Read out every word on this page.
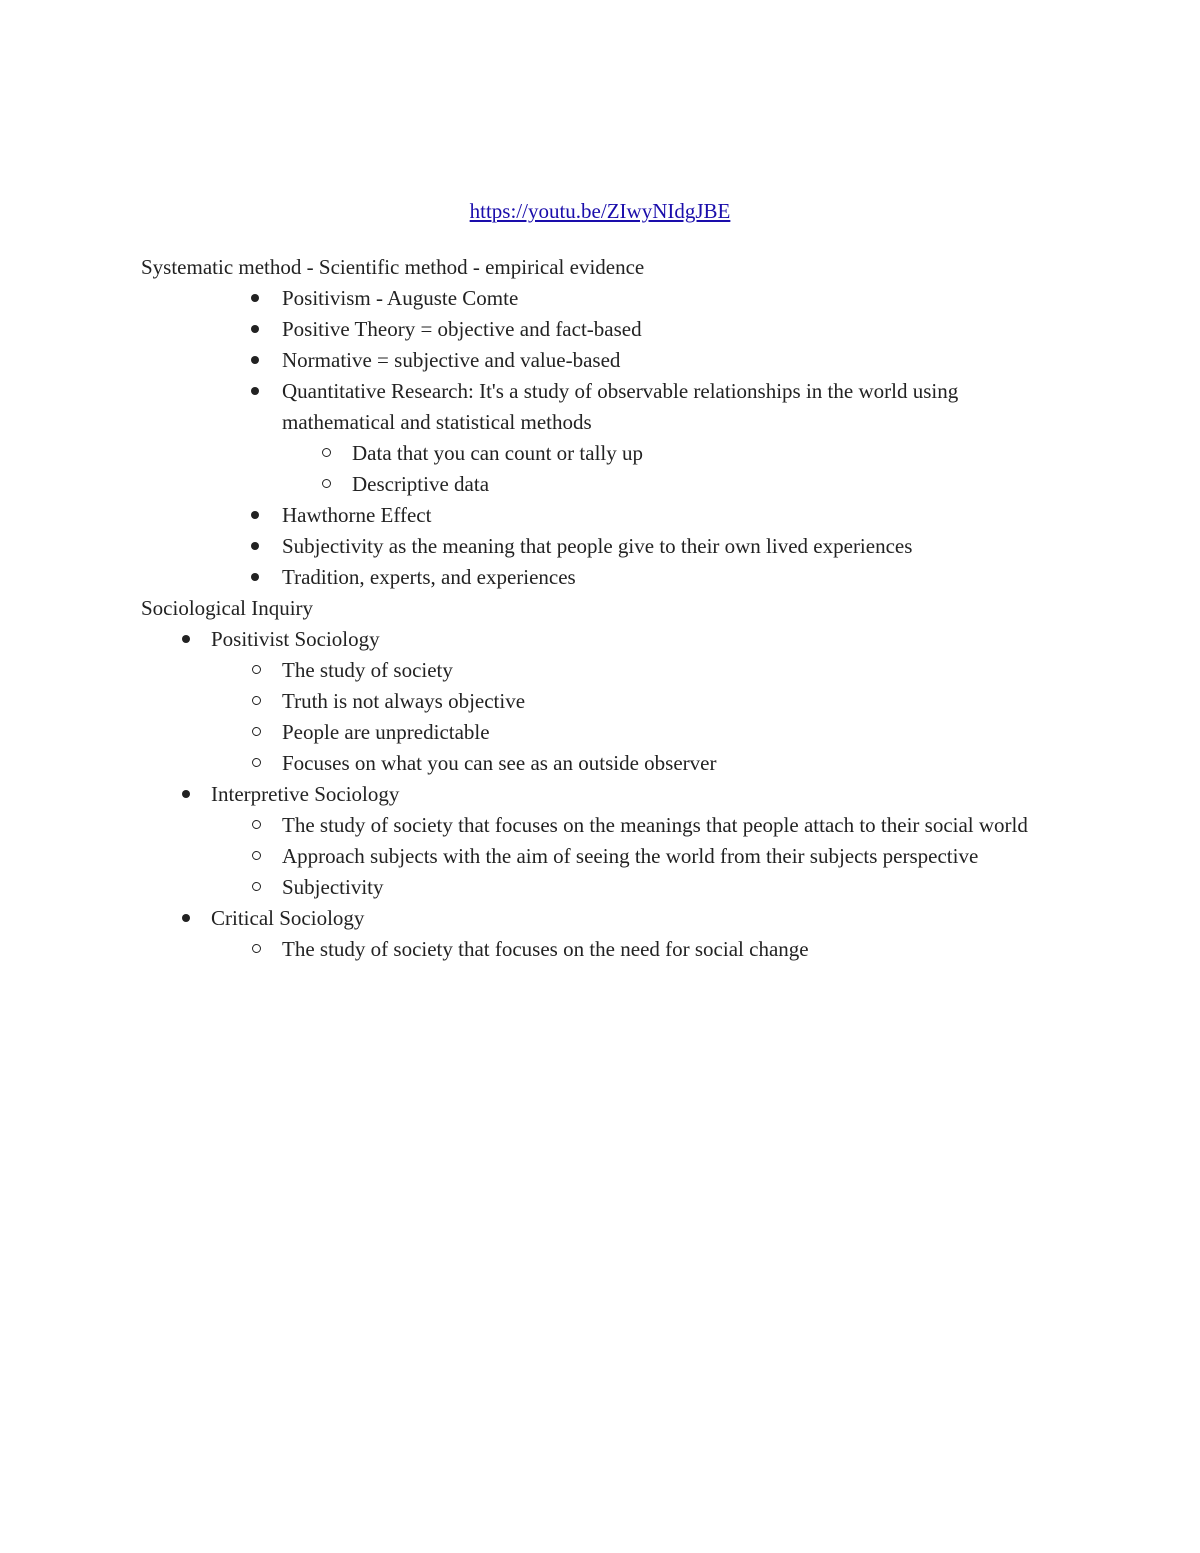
https://youtu.be/ZIwyNIdgJBE

Systematic method - Scientific method - empirical evidence

Positivism - Auguste Comte
Positive Theory = objective and fact-based
Normative = subjective and value-based
Quantitative Research: It's a study of observable relationships in the world using mathematical and statistical methods
Data that you can count or tally up
Descriptive data
Hawthorne Effect
Subjectivity as the meaning that people give to their own lived experiences
Tradition, experts, and experiences

Sociological Inquiry

Positivist Sociology
The study of society
Truth is not always objective
People are unpredictable
Focuses on what you can see as an outside observer
Interpretive Sociology
The study of society that focuses on the meanings that people attach to their social world
Approach subjects with the aim of seeing the world from their subjects perspective
Subjectivity
Critical Sociology
The study of society that focuses on the need for social change
